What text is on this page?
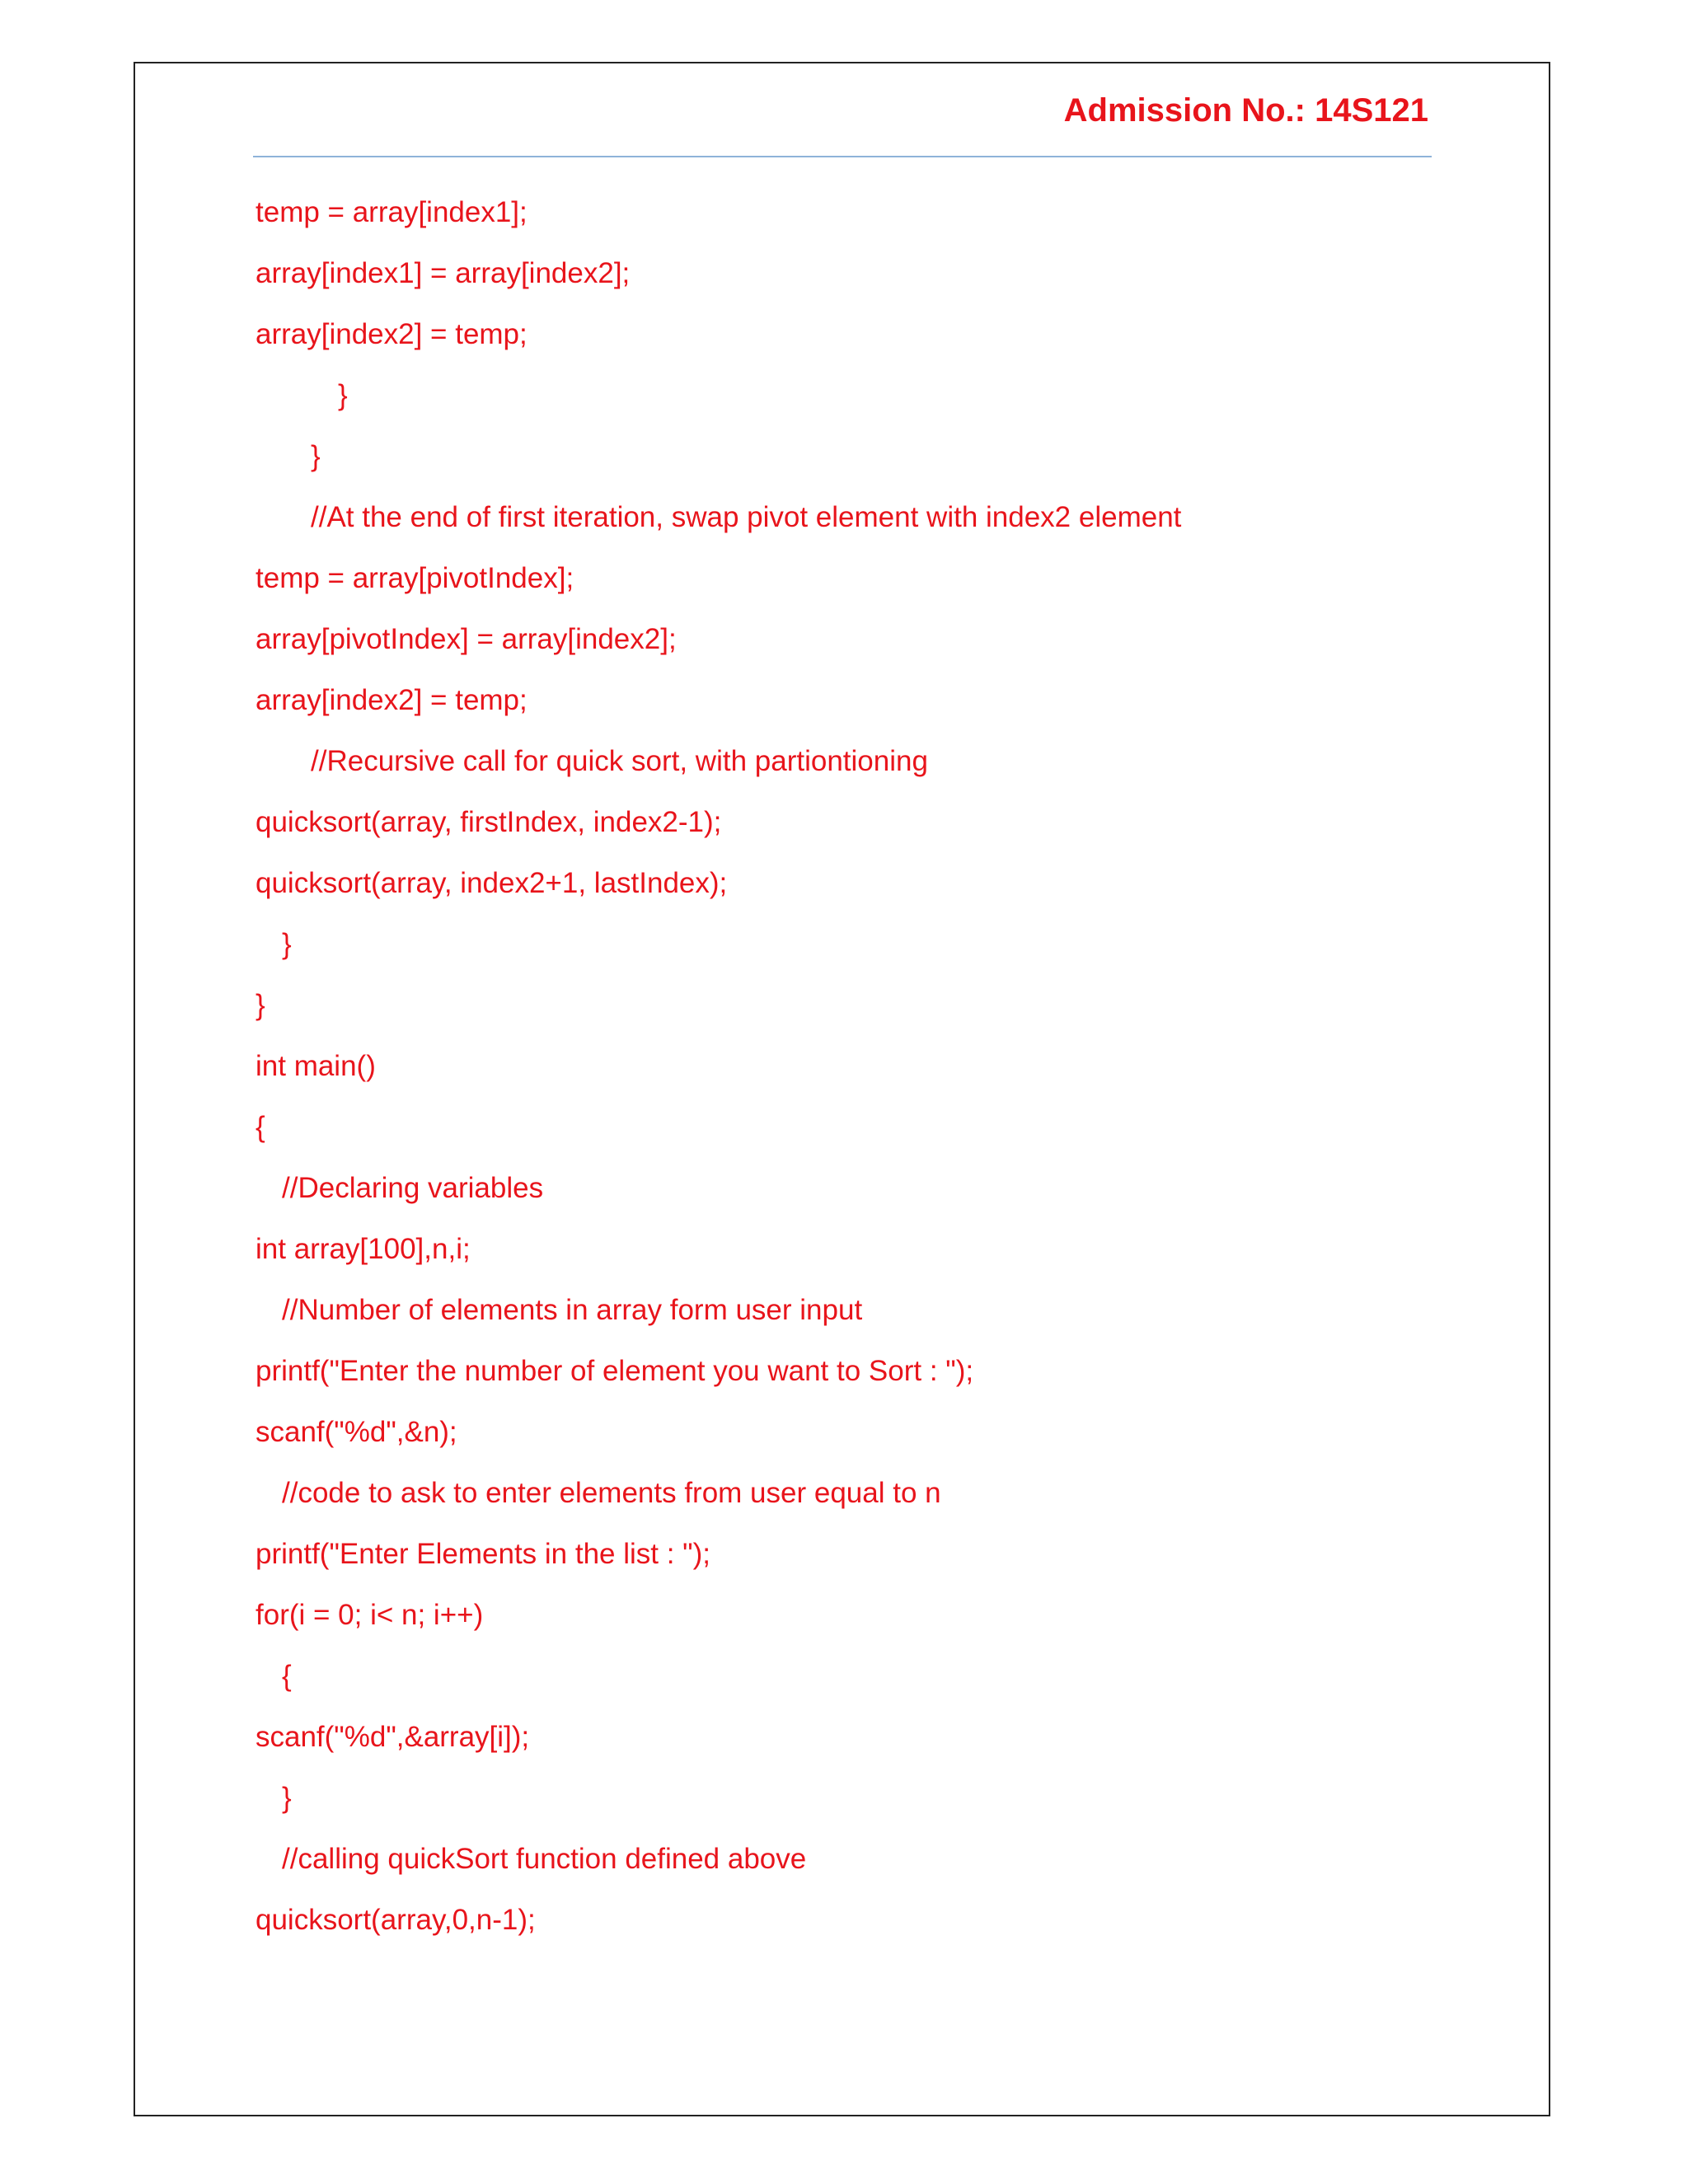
Admission No.: 14S121
temp = array[index1];
array[index1] = array[index2];
array[index2] = temp;
}
}
//At the end of first iteration, swap pivot element with index2 element
temp = array[pivotIndex];
array[pivotIndex] = array[index2];
array[index2] = temp;
//Recursive call for quick sort, with partiontioning
quicksort(array, firstIndex, index2-1);
quicksort(array, index2+1, lastIndex);
}
}
int main()
{
//Declaring variables
int array[100],n,i;
//Number of elements in array form user input
printf("Enter the number of element you want to Sort : ");
scanf("%d",&n);
//code to ask to enter elements from user equal to n
printf("Enter Elements in the list : ");
for(i = 0; i< n; i++)
{
scanf("%d",&array[i]);
}
//calling quickSort function defined above
quicksort(array,0,n-1);
